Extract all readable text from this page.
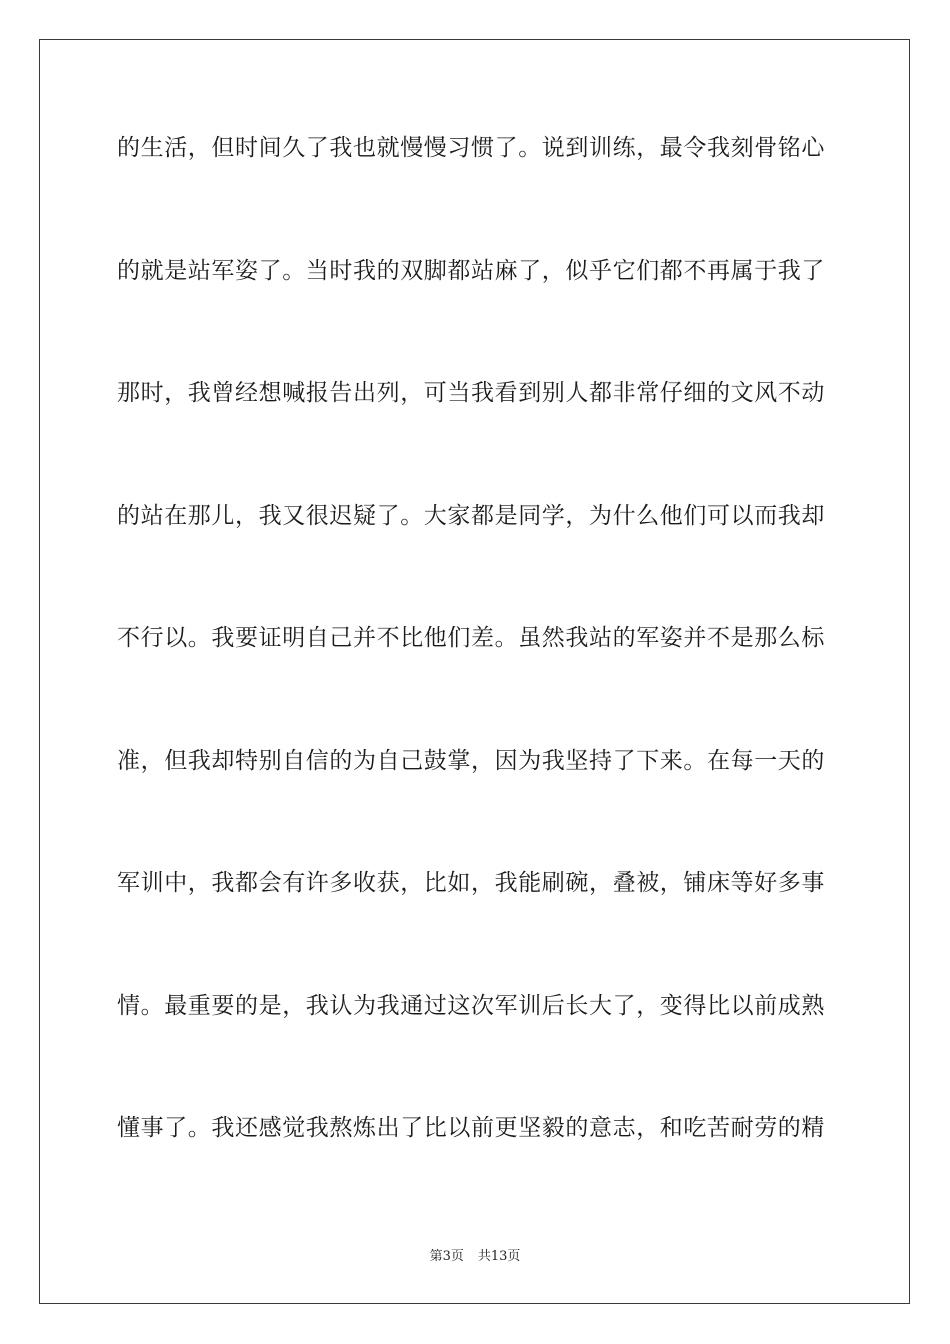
的生活，但时间久了我也就慢慢习惯了。说到训练，最令我刻骨铭心
的就是站军姿了。当时我的双脚都站麻了，似乎它们都不再属于我了
那时，我曾经想喊报告出列，可当我看到别人都非常仔细的文风不动
的站在那儿，我又很迟疑了。大家都是同学，为什么他们可以而我却
不行以。我要证明自己并不比他们差。虽然我站的军姿并不是那么标
准，但我却特别自信的为自己鼓掌，因为我坚持了下来。在每一天的
军训中，我都会有许多收获，比如，我能刷碗，叠被，铺床等好多事
情。最重要的是，我认为我通过这次军训后长大了，变得比以前成熟
懂事了。我还感觉我熬炼出了比以前更坚毅的意志，和吃苦耐劳的精
第3页 共13页
